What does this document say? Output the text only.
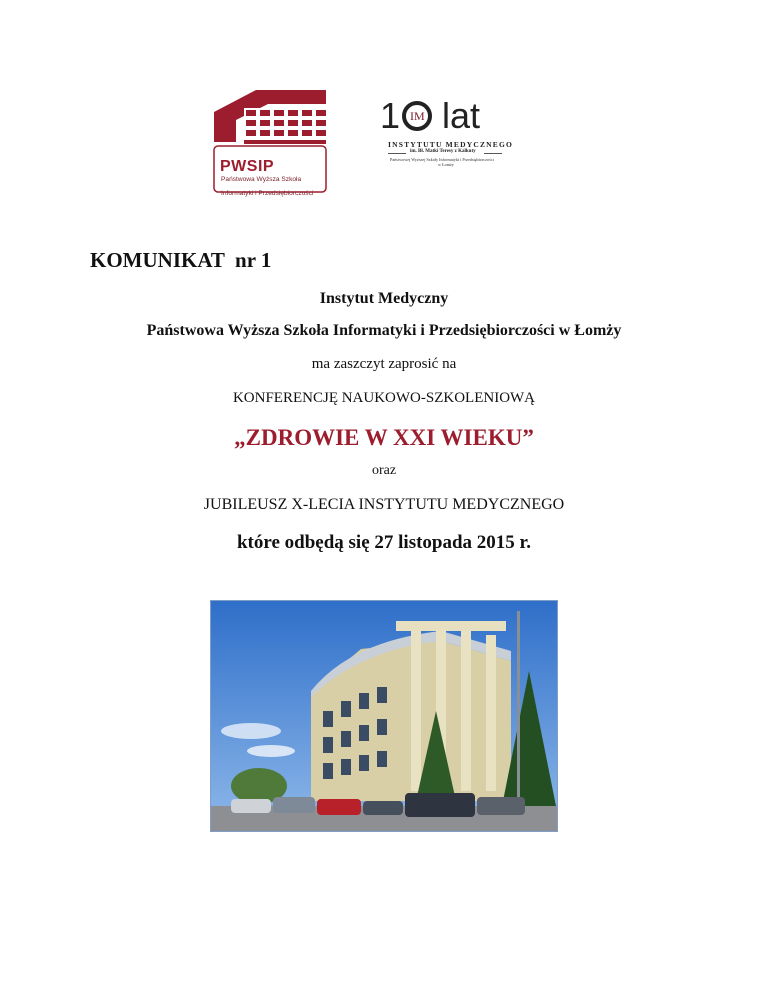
PWSIP
Państwowa Wyższa Szkoła
Informatyki i Przedsiębiorczości
1 IM lat
INSTYTUTU MEDYCZNEGO
im. Bł. Matki Teresy z Kalkuty
Państwowej Wyższej Szkoły Informatyki i Przedsiębiorczości
w Łomży
KOMUNIKAT  nr 1
Instytut Medyczny
Państwowa Wyższa Szkoła Informatyki i Przedsiębiorczości w Łomży
ma zaszczyt zaprosić na
KONFERENCJĘ NAUKOWO-SZKOLENIOWĄ
„ZDROWIE W XXI WIEKU”
oraz
JUBILEUSZ X-LECIA INSTYTUTU MEDYCZNEGO
które odbędą się 27 listopada 2015 r.
